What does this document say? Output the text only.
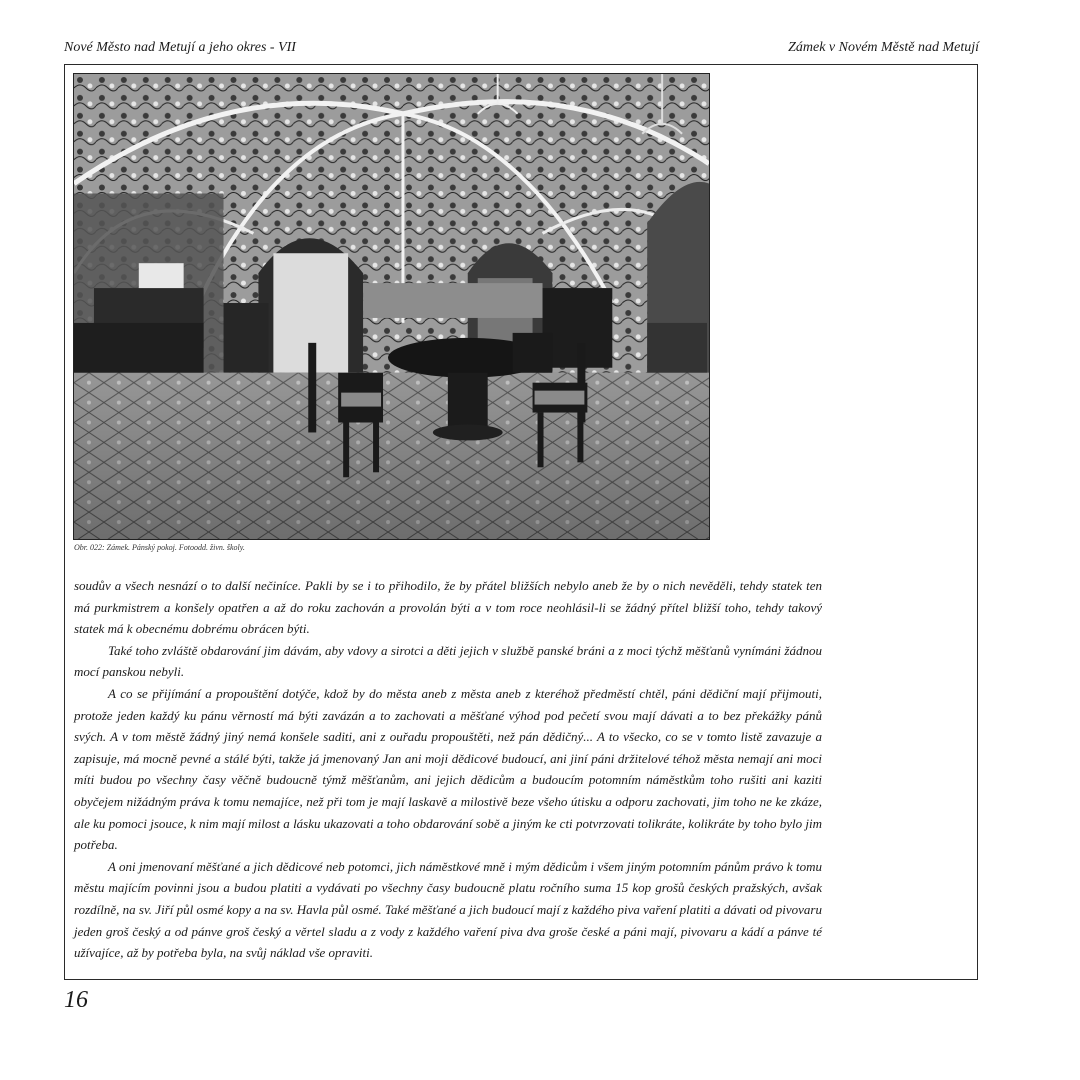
Nové Město nad Metují a jeho okres - VII	Zámek v Novém Městě nad Metují
Obr. 022: Zámek. Pánský pokoj. Fotoodd. živn. školy.

soudův a všech nesnází o to další nečiníce. Pakli by se i to přihodilo, že by přátel bližších nebylo aneb že by o nich nevěděli, tehdy statek ten má purkmistrem a konšely opatřen a až do roku zachován a provolán býti a v tom roce neohlásil-li se žádný přítel bližší toho, tehdy takový statek má k obecnému dobrému obrácen býti.

Také toho zvláště obdarování jim dávám, aby vdovy a sirotci a děti jejich v službě panské bráni a z moci týchž měšťanů vynímáni žádnou mocí panskou nebyli.

A co se přijímání a propouštění dotýče, kdož by do města aneb z města aneb z kteréhož předměstí chtěl, páni dědiční mají přijmouti, protože jeden každý ku pánu věrností má býti zavázán a to zachovati a měšťané výhod pod pečetí svou mají dávati a to bez překážky pánů svých. A v tom městě žádný jiný nemá konšele saditi, ani z ouřadu propouštěti, než pán dědičný... A to všecko, co se v tomto listě zavazuje a zapisuje, má mocně pevné a stálé býti, takže já jmenovaný Jan ani moji dědicové budoucí, ani jiní páni držitelové téhož města nemají ani moci míti budou po všechny časy věčně budoucně týmž měšťanům, ani jejich dědicům a budoucím potomním náměstkům toho rušiti ani kaziti obyčejem nižádným práva k tomu nemajíce, než při tom je mají laskavě a milostivě beze všeho útisku a odporu zachovati, jim toho ne ke zkáze, ale ku pomoci jsouce, k nim mají milost a lásku ukazovati a toho obdarování sobě a jiným ke cti potvrzovati tolikráte, kolikráte by toho bylo jim potřeba.

A oni jmenovaní měšťané a jich dědicové neb potomci, jich náměstkové mně i mým dědicům i všem jiným potomním pánům právo k tomu městu majícím povinni jsou a budou platiti a vydávati po všechny časy budoucně platu ročního suma 15 kop grošů českých pražských, avšak rozdílně, na sv. Jiří půl osmé kopy a na sv. Havla půl osmé. Také měšťané a jich budoucí mají z každého piva vaření platiti a dávati od pivovaru jeden groš český a od pánve groš český a věrtel sladu a z vody z každého vaření piva dva groše české a páni mají, pivovaru a kádí a pánve té užívajíce, až by potřeba byla, na svůj náklad vše opraviti.

16
